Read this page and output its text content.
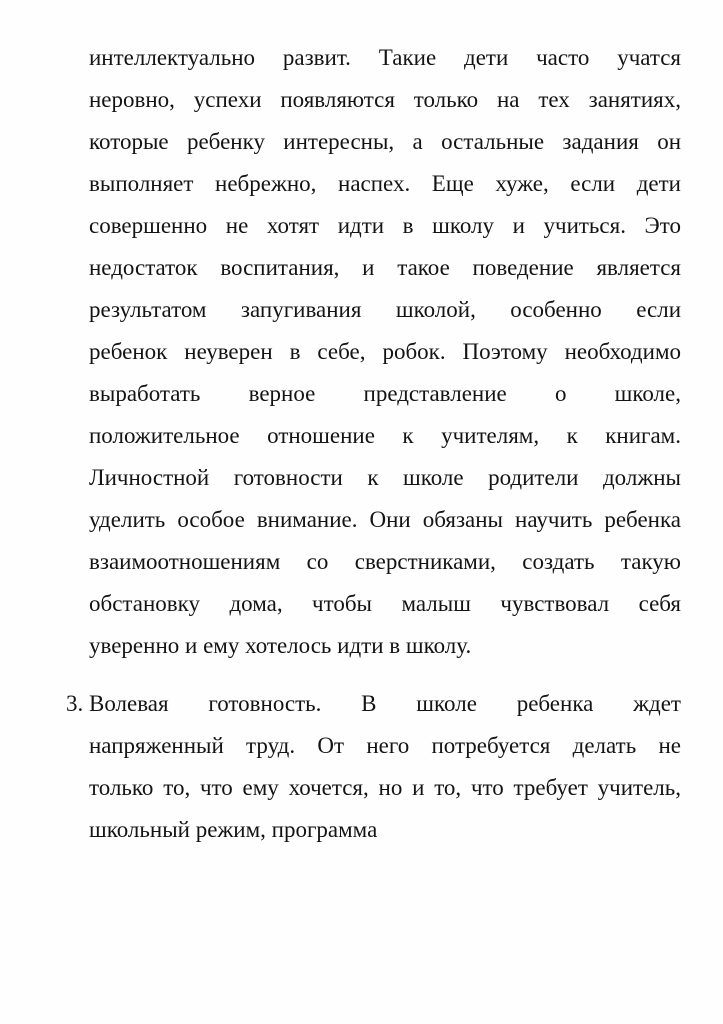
интеллектуально развит. Такие дети часто учатся
неровно, успехи появляются только на тех занятиях,
которые ребенку интересны, а остальные задания он
выполняет небрежно, наспех. Еще хуже, если дети
совершенно не хотят идти в школу и учиться. Это
недостаток воспитания, и такое поведение является
результатом запугивания школой, особенно если
ребенок неуверен в себе, робок. Поэтому необходимо
выработать верное представление о школе,
положительное отношение к учителям, к книгам.
Личностной готовности к школе родители должны
уделить особое внимание. Они обязаны научить ребенка
взаимоотношениям со сверстниками, создать такую
обстановку дома, чтобы малыш чувствовал себя
уверенно и ему хотелось идти в школу.
3. Волевая готовность. В школе ребенка ждет
напряженный труд. От него потребуется делать не
только то, что ему хочется, но и то, что требует учитель,
школьный режим, программа
